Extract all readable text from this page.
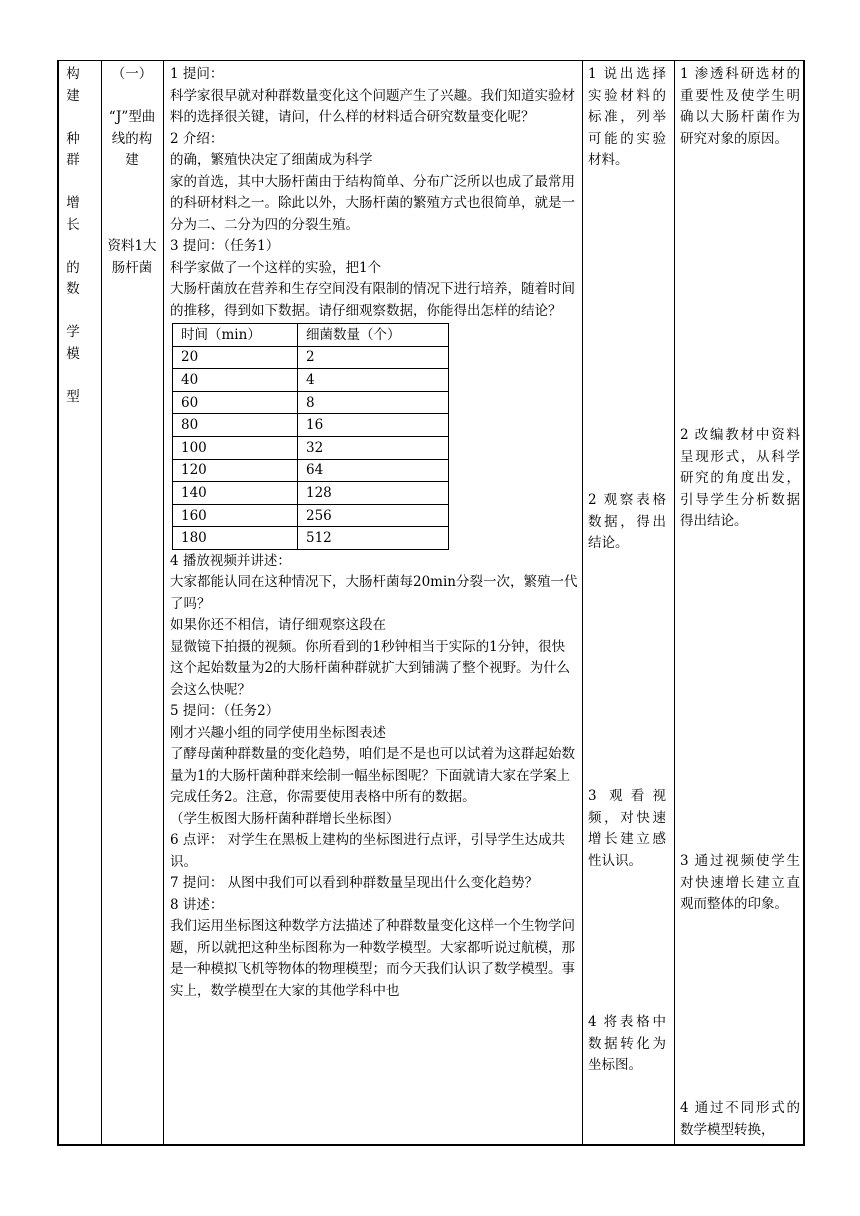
构
建
种
群
增
长
的
数
学
模
型
（一）
“J”型曲线的构建
资料1大肠杆菌

1 提问：

科学家很早就对种群数量变化这个问题产生了兴趣。我们知道实验材料的选择很关键，请问，什么样的材料适合研究数量变化呢？

2 介绍：

的确，繁殖快决定了细菌成为科学

家的首选，其中大肠杆菌由于结构简单、分布广泛所以也成了最常用的科研材料之一。除此以外，大肠杆菌的繁殖方式也很简单，就是一分为二、二分为四的分裂生殖。

3 提问：（任务1）

科学家做了一个这样的实验，把1个

大肠杆菌放在营养和生存空间没有限制的情况下进行培养，随着时间的推移，得到如下数据。请仔细观察数据，你能得出怎样的结论？

时间（min）	细菌数量（个）
20	2
40	4
60	8
80	16
100	32
120	64
140	128
160	256
180	512

4 播放视频并讲述：

大家都能认同在这种情况下，大肠杆菌每20min分裂一次，繁殖一代了吗？

如果你还不相信，请仔细观察这段在

显微镜下拍摄的视频。你所看到的1秒钟相当于实际的1分钟，很快这个起始数量为2的大肠杆菌种群就扩大到铺满了整个视野。为什么会这么快呢？

5 提问：（任务2）

刚才兴趣小组的同学使用坐标图表述

了酵母菌种群数量的变化趋势，咱们是不是也可以试着为这群起始数量为1的大肠杆菌种群来绘制一幅坐标图呢？下面就请大家在学案上完成任务2。注意，你需要使用表格中所有的数据。

（学生板图大肠杆菌种群增长坐标图）

6 点评： 对学生在黑板上建构的坐标图进行点评，引导学生达成共识。

7 提问： 从图中我们可以看到种群数量呈现出什么变化趋势？

8 讲述：

我们运用坐标图这种数学方法描述了种群数量变化这样一个生物学问题，所以就把这种坐标图称为一种数学模型。大家都听说过航模，那是一种模拟飞机等物体的物理模型；而今天我们认识了数学模型。事实上，数学模型在大家的其他学科中也

1 说出选择实验材料的标准，列举可能的实验材料。

2 观察表格数据，得出结论。

3 观看视频，对快速增长建立感性认识。

4 将表格中数据转化为坐标图。

1 渗透科研选材的重要性及使学生明确以大肠杆菌作为研究对象的原因。

2 改编教材中资料呈现形式，从科学研究的角度出发，引导学生分析数据得出结论。

3 通过视频使学生对快速增长建立直观而整体的印象。

4 通过不同形式的数学模型转换，
